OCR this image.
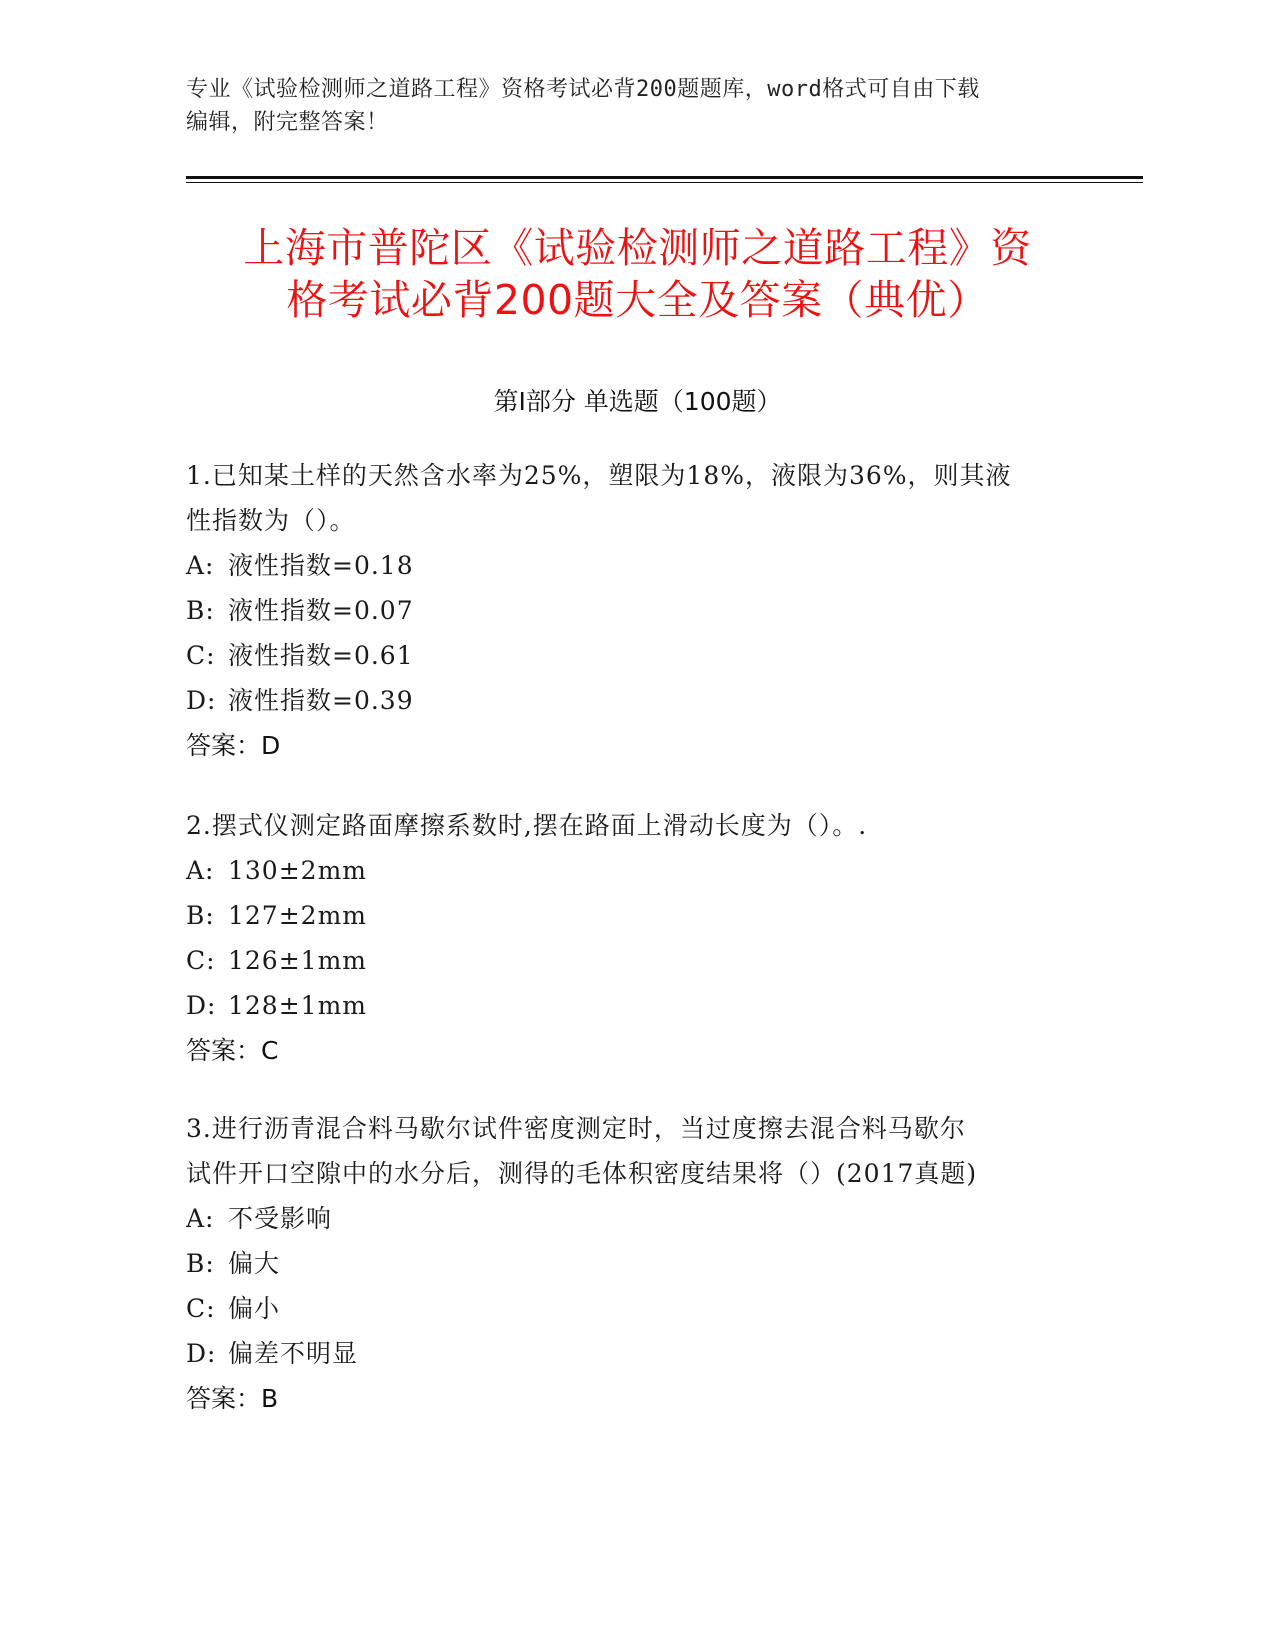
专业《试验检测师之道路工程》资格考试必背200题题库，word格式可自由下载
编辑，附完整答案！
上海市普陀区《试验检测师之道路工程》资
格考试必背200题大全及答案（典优）
第Ⅰ部分 单选题（100题）
1.已知某土样的天然含水率为25%，塑限为18%，液限为36%，则其液
性指数为（）。
A: 液性指数=0.18
B: 液性指数=0.07
C: 液性指数=0.61
D: 液性指数=0.39
答案：D
2.摆式仪测定路面摩擦系数时,摆在路面上滑动长度为（）。.
A: 130±2mm
B: 127±2mm
C: 126±1mm
D: 128±1mm
答案：C
3.进行沥青混合料马歇尔试件密度测定时，当过度擦去混合料马歇尔
试件开口空隙中的水分后，测得的毛体积密度结果将（）(2017真题)
A: 不受影响
B: 偏大
C: 偏小
D: 偏差不明显
答案：B
